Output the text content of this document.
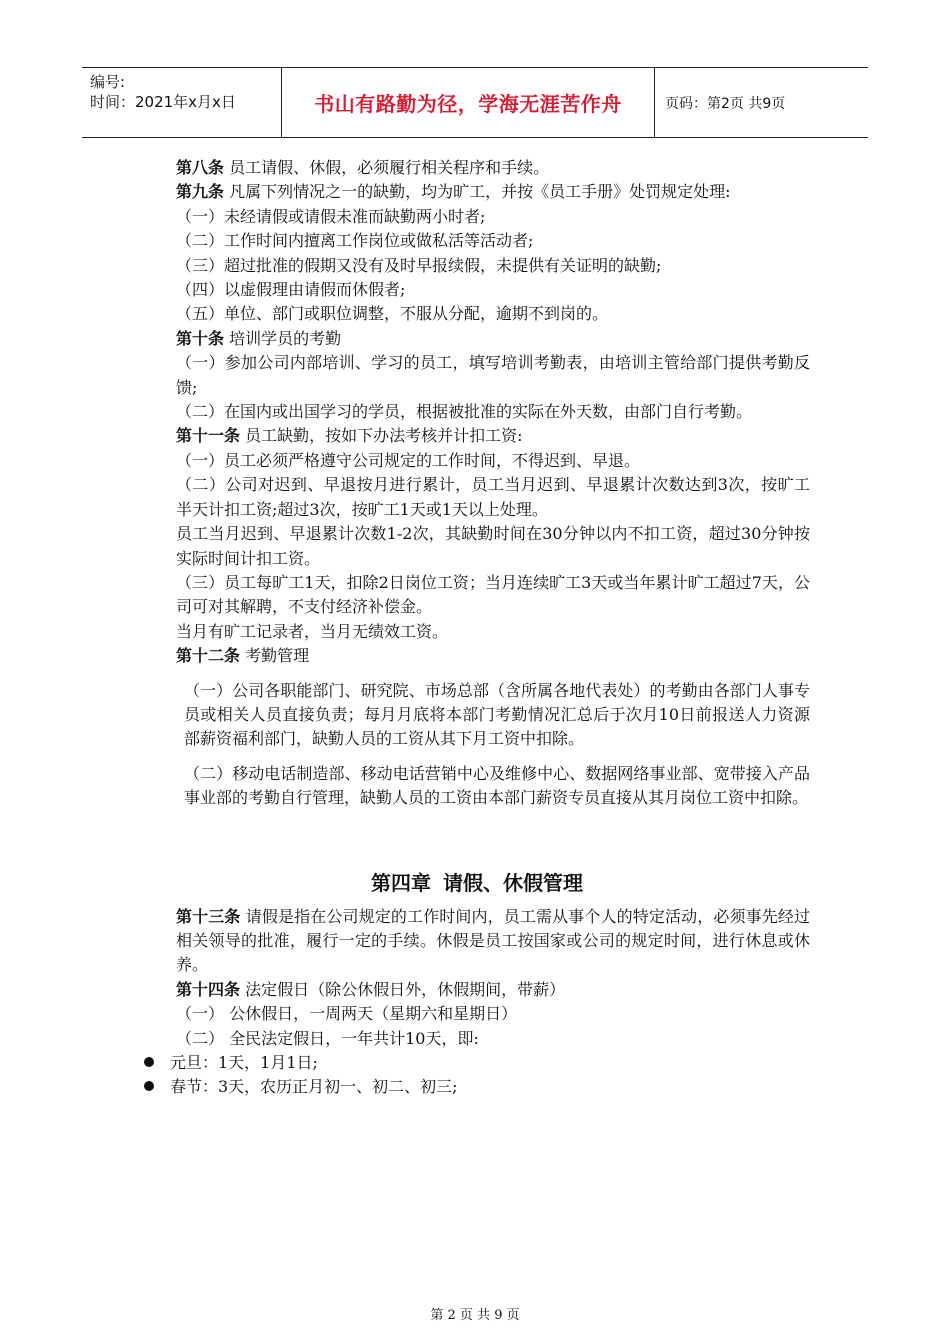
编号:
时间：2021年x月x日	书山有路勤为径，学海无涯苦作舟	页码：第2页 共9页

第八条 员工请假、休假，必须履行相关程序和手续。

第九条 凡属下列情况之一的缺勤，均为旷工，并按《员工手册》处罚规定处理:

（一）未经请假或请假未准而缺勤两小时者;

（二）工作时间内擅离工作岗位或做私活等活动者;

（三）超过批准的假期又没有及时早报续假，未提供有关证明的缺勤;

（四）以虚假理由请假而休假者;

（五）单位、部门或职位调整，不服从分配，逾期不到岗的。

第十条 培训学员的考勤

（一）参加公司内部培训、学习的员工，填写培训考勤表，由培训主管给部门提供考勤反馈;

（二）在国内或出国学习的学员，根据被批准的实际在外天数，由部门自行考勤。

第十一条 员工缺勤，按如下办法考核并计扣工资:

（一）员工必须严格遵守公司规定的工作时间，不得迟到、早退。

（二）公司对迟到、早退按月进行累计，员工当月迟到、早退累计次数达到3次，按旷工半天计扣工资;超过3次，按旷工1天或1天以上处理。

员工当月迟到、早退累计次数1-2次，其缺勤时间在30分钟以内不扣工资，超过30分钟按实际时间计扣工资。

（三）员工每旷工1天，扣除2日岗位工资；当月连续旷工3天或当年累计旷工超过7天，公司可对其解聘，不支付经济补偿金。

当月有旷工记录者，当月无绩效工资。

第十二条 考勤管理

（一）公司各职能部门、研究院、市场总部（含所属各地代表处）的考勤由各部门人事专员或相关人员直接负责；每月月底将本部门考勤情况汇总后于次月10日前报送人力资源部薪资福利部门，缺勤人员的工资从其下月工资中扣除。

（二）移动电话制造部、移动电话营销中心及维修中心、数据网络事业部、宽带接入产品事业部的考勤自行管理，缺勤人员的工资由本部门薪资专员直接从其月岗位工资中扣除。

第四章 请假、休假管理

第十三条 请假是指在公司规定的工作时间内，员工需从事个人的特定活动，必须事先经过相关领导的批准，履行一定的手续。休假是员工按国家或公司的规定时间，进行休息或休养。

第十四条 法定假日（除公休假日外，休假期间，带薪）

（一） 公休假日，一周两天（星期六和星期日）

（二） 全民法定假日，一年共计10天，即:

元旦：1天，1月1日;

春节：3天，农历正月初一、初二、初三;

第 2 页 共 9 页
